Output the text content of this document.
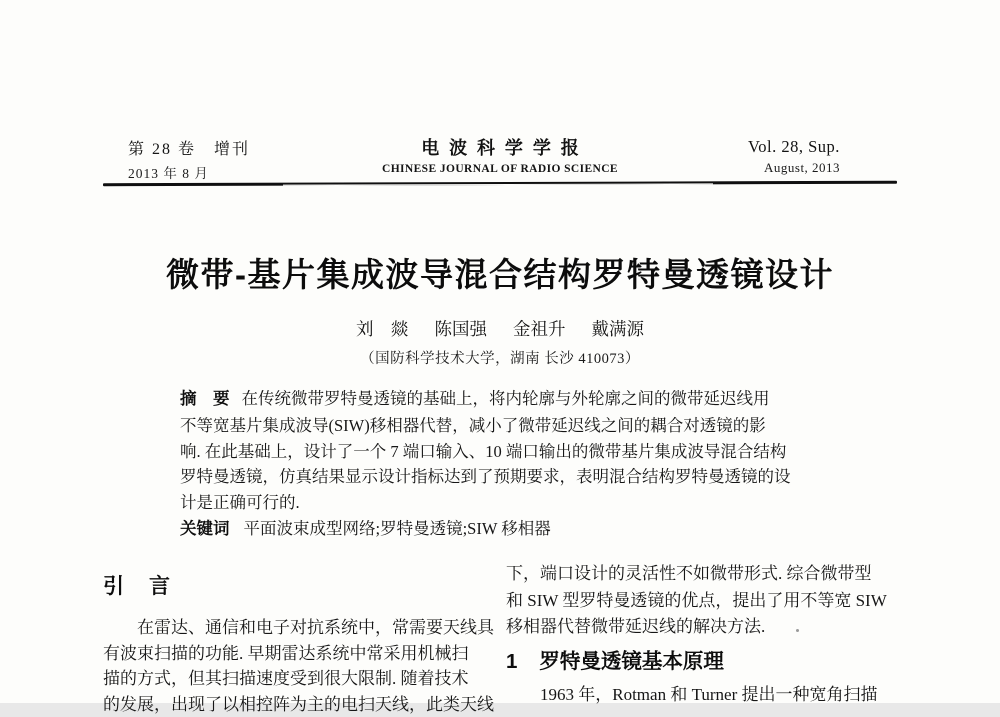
第 28 卷　增刊
2013 年 8 月
电波科学学报
CHINESE JOURNAL OF RADIO SCIENCE
Vol. 28, Sup.
August, 2013
微带-基片集成波导混合结构罗特曼透镜设计
刘　燚 陈国强 金祖升 戴满源
（国防科学技术大学，湖南 长沙 410073）
摘　要 在传统微带罗特曼透镜的基础上，将内轮廓与外轮廓之间的微带延迟线用
不等宽基片集成波导(SIW)移相器代替，减小了微带延迟线之间的耦合对透镜的影
响. 在此基础上，设计了一个 7 端口输入、10 端口输出的微带基片集成波导混合结构
罗特曼透镜，仿真结果显示设计指标达到了预期要求，表明混合结构罗特曼透镜的设
计是正确可行的.
关键词 平面波束成型网络;罗特曼透镜;SIW 移相器
引　言
在雷达、通信和电子对抗系统中，常需要天线具
有波束扫描的功能. 早期雷达系统中常采用机械扫
描的方式，但其扫描速度受到很大限制. 随着技术
的发展，出现了以相控阵为主的电扫天线，此类天线
下，端口设计的灵活性不如微带形式. 综合微带型
和 SIW 型罗特曼透镜的优点，提出了用不等宽 SIW
移相器代替微带延迟线的解决方法.
1 罗特曼透镜基本原理
1963 年，Rotman 和 Turner 提出一种宽角扫描
